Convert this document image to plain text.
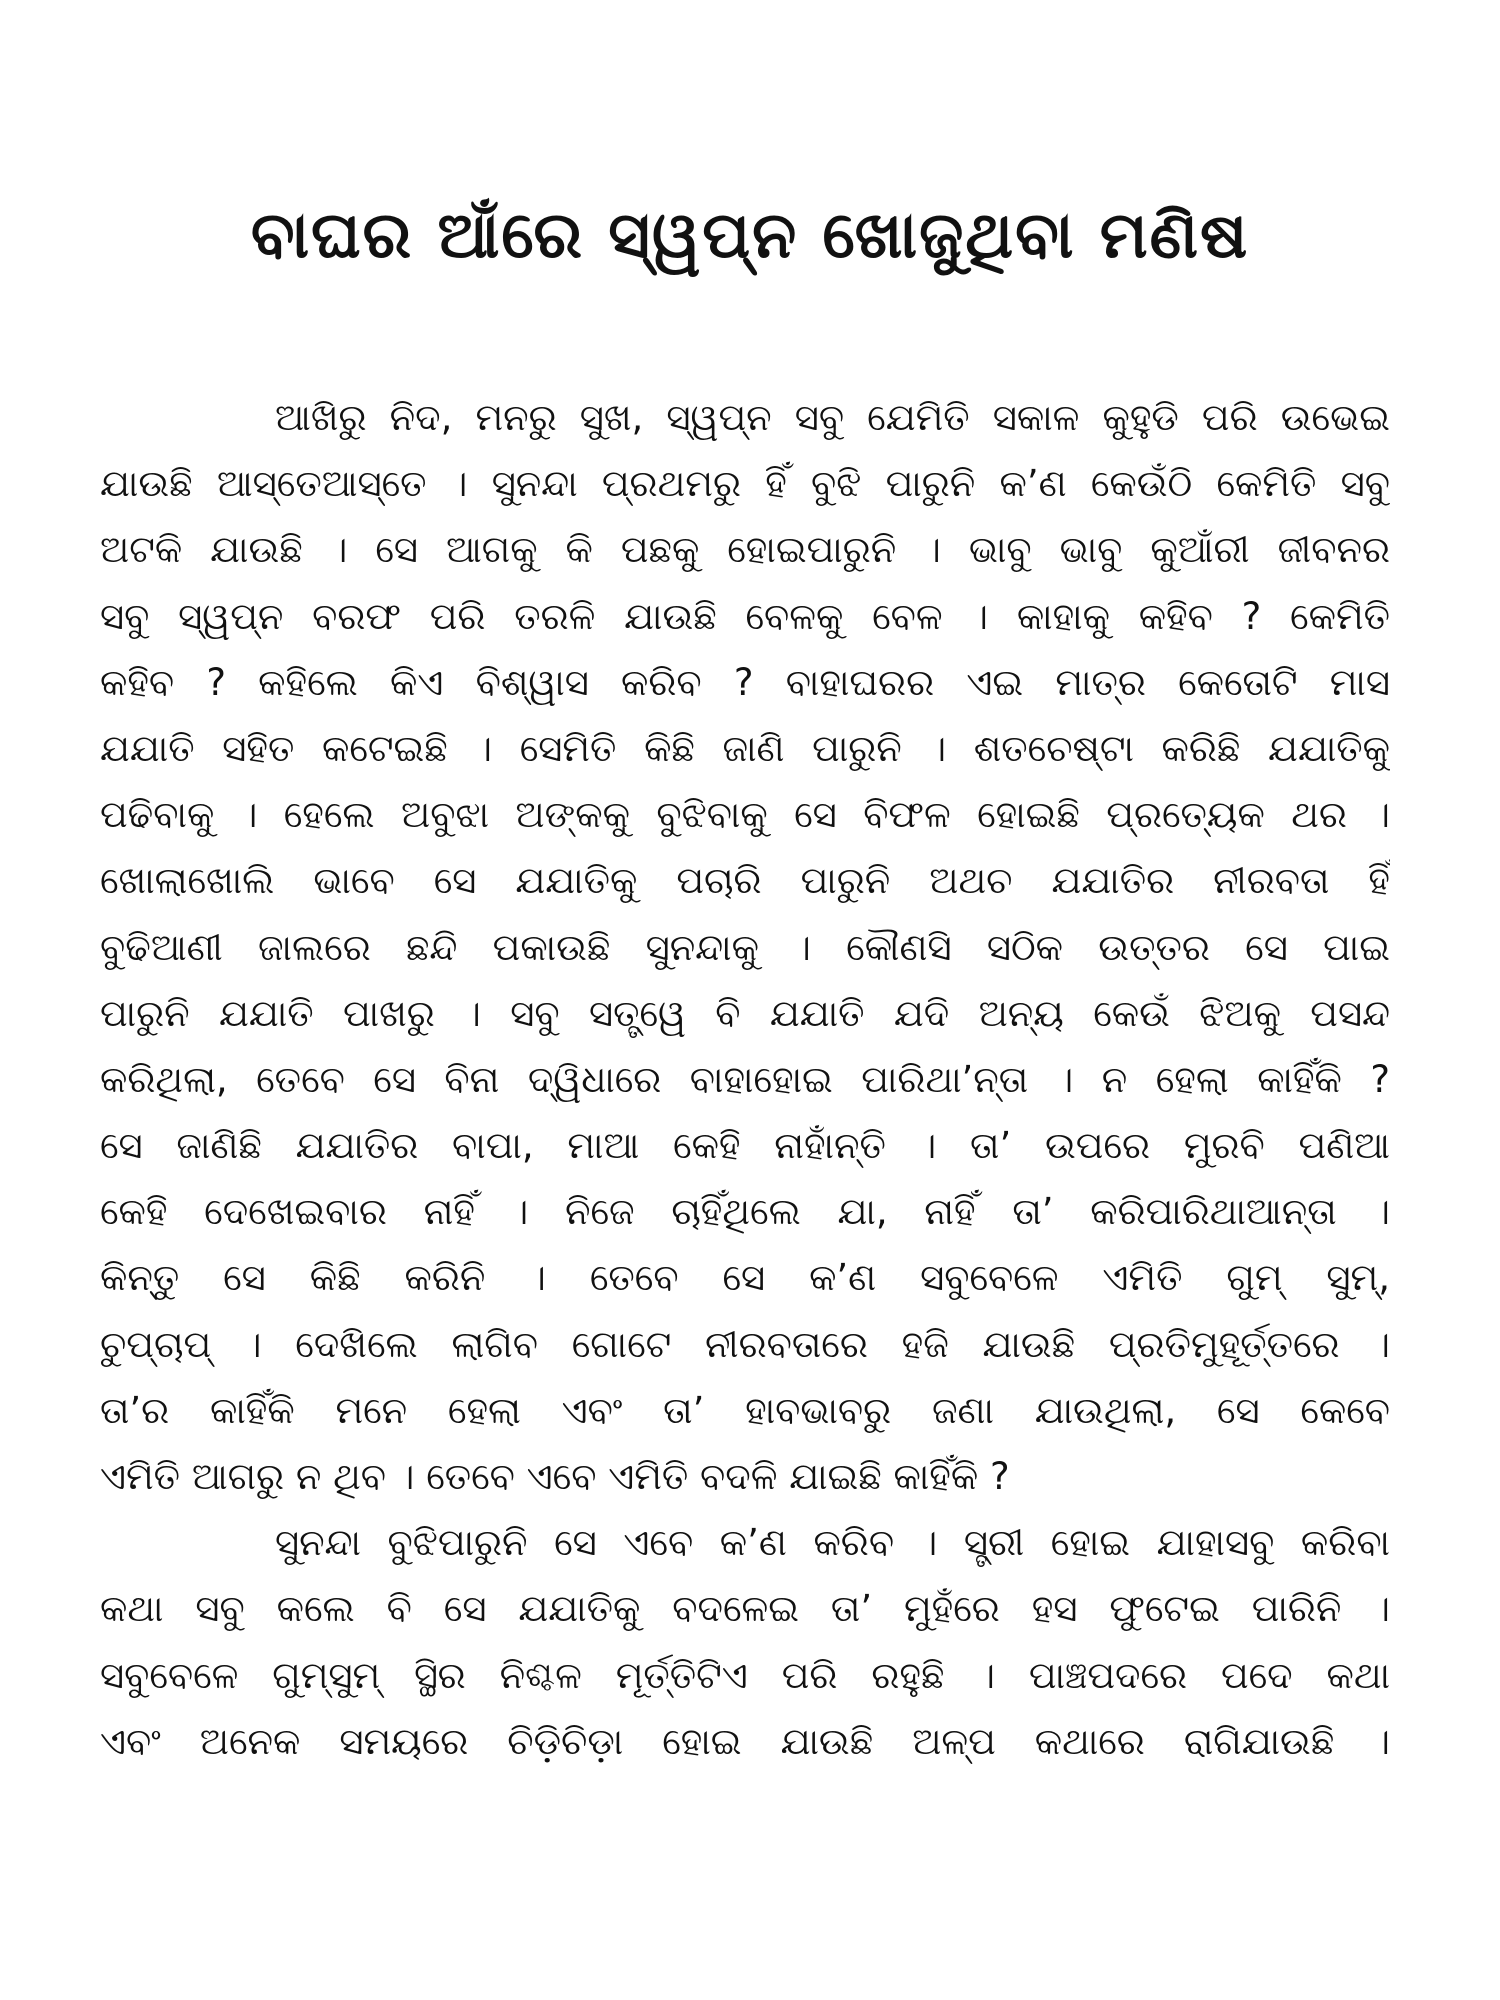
ବାଘର ଆଁରେ ସ୍ୱପ୍ନ ଖୋଜୁଥିବା ମଣିଷ
ଆଖିରୁ ନିଦ, ମନରୁ ସୁଖ, ସ୍ୱପ୍ନ ସବୁ ଯେମିତି ସକାଳ କୁହୁଡି ପରି ଉଭେଇ
ଯାଉଛି ଆସ୍ତେଆସ୍ତେ । ସୁନନ୍ଦା ପ୍ରଥମରୁ ହିଁ ବୁଝି ପାରୁନି କ’ଣ କେଉଁଠି କେମିତି ସବୁ
ଅଟକି ଯାଉଛି । ସେ ଆଗକୁ କି ପଛକୁ ହୋଇପାରୁନି । ଭାବୁ ଭାବୁ କୁଆଁରୀ ଜୀବନର
ସବୁ ସ୍ୱପ୍ନ ବରଫ ପରି ତରଳି ଯାଉଛି ବେଳକୁ ବେଳ । କାହାକୁ କହିବ ? କେମିତି
କହିବ ? କହିଲେ କିଏ ବିଶ୍ୱାସ କରିବ ? ବାହାଘରର ଏଇ ମାତ୍ର କେତୋଟି ମାସ
ଯଯାତି ସହିତ କଟେଇଛି । ସେମିତି କିଛି ଜାଣି ପାରୁନି । ଶତଚେଷ୍ଟା କରିଛି ଯଯାତିକୁ
ପଢିବାକୁ । ହେଲେ ଅବୁଝା ଅଙ୍କକୁ ବୁଝିବାକୁ ସେ ବିଫଳ ହୋଇଛି ପ୍ରତ୍ୟେକ ଥର ।
ଖୋଲାଖୋଲି ଭାବେ ସେ ଯଯାତିକୁ ପଚାରି ପାରୁନି ଅଥଚ ଯଯାତିର ନୀରବତା ହିଁ
ବୁଢିଆଣୀ ଜାଲରେ ଛନ୍ଦି ପକାଉଛି ସୁନନ୍ଦାକୁ । କୌଣସି ସଠିକ ଉତ୍ତର ସେ ପାଇ
ପାରୁନି ଯଯାତି ପାଖରୁ । ସବୁ ସତ୍ତ୍ୱେ ବି ଯଯାତି ଯଦି ଅନ୍ୟ କେଉଁ ଝିଅକୁ ପସନ୍ଦ
କରିଥିଲା, ତେବେ ସେ ବିନା ଦ୍ୱିଧାରେ ବାହାହୋଇ ପାରିଥା’ନ୍ତା । ନ ହେଲା କାହିଁକି ?
ସେ ଜାଣିଛି ଯଯାତିର ବାପା, ମାଆ କେହି ନାହାଁନ୍ତି । ତା’ ଉପରେ ମୁରବି ପଣିଆ
କେହି ଦେଖେଇବାର ନାହିଁ । ନିଜେ ଚାହିଁଥିଲେ ଯା, ନାହିଁ ତା’ କରିପାରିଥାଆନ୍ତା ।
କିନ୍ତୁ ସେ କିଛି କରିନି । ତେବେ ସେ କ’ଣ ସବୁବେଳେ ଏମିତି ଗୁମ୍ ସୁମ୍,
ଚୁପ୍‌ଚାପ୍ । ଦେଖିଲେ ଲାଗିବ ଗୋଟେ ନୀରବତାରେ ହଜି ଯାଉଛି ପ୍ରତିମୁହୂର୍ତ୍ତରେ ।
ତା’ର କାହିଁକି ମନେ ହେଲା ଏବଂ ତା’ ହାବଭାବରୁ ଜଣା ଯାଉଥିଲା, ସେ କେବେ
ଏମିତି ଆଗରୁ ନ ଥିବ । ତେବେ ଏବେ ଏମିତି ବଦଳି ଯାଇଛି କାହିଁକି ?
ସୁନନ୍ଦା ବୁଝିପାରୁନି ସେ ଏବେ କ’ଣ କରିବ । ସ୍ତ୍ରୀ ହୋଇ ଯାହାସବୁ କରିବା
କଥା ସବୁ କଲେ ବି ସେ ଯଯାତିକୁ ବଦଳେଇ ତା’ ମୁହଁରେ ହସ ଫୁଟେଇ ପାରିନି ।
ସବୁବେଳେ ଗୁମ୍‌ସୁମ୍ ସ୍ଥିର ନିଶ୍ଚଳ ମୂର୍ତ୍ତିଟିଏ ପରି ରହୁଛି । ପାଞ୍ଚପଦରେ ପଦେ କଥା
ଏବଂ ଅନେକ ସମୟରେ ଚିଡ଼ିଚିଡ଼ା ହୋଇ ଯାଉଛି ଅଳ୍ପ କଥାରେ ରାଗିଯାଉଛି ।
